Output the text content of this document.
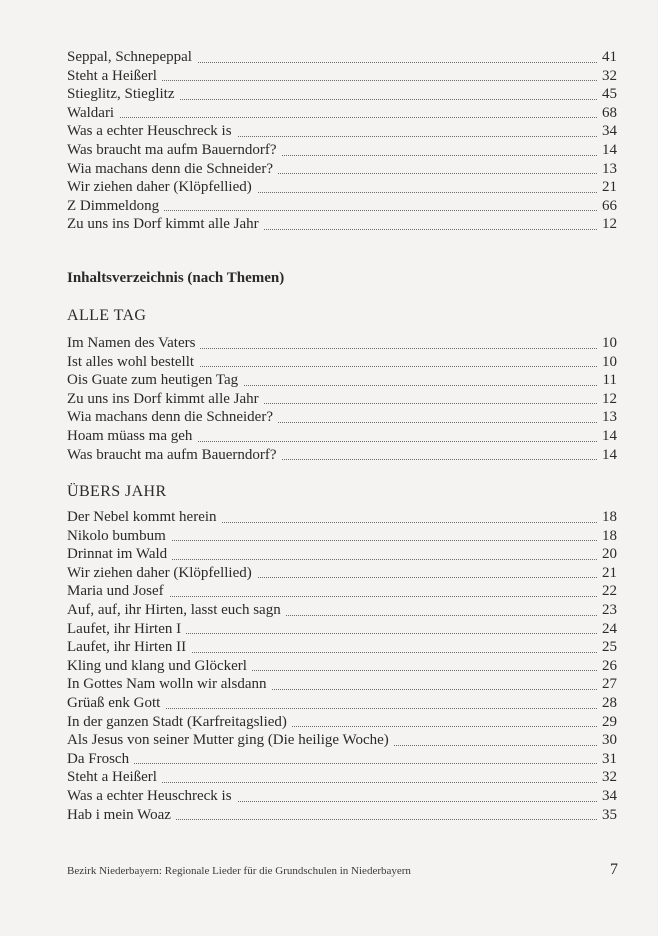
Seppal, Schnepeppal	41
Steht a Heißerl	32
Stieglitz, Stieglitz	45
Waldari	68
Was a echter Heuschreck is	34
Was braucht ma aufm Bauerndorf?	14
Wia machans denn die Schneider?	13
Wir ziehen daher (Klöpfellied)	21
Z Dimmeldong	66
Zu uns ins Dorf kimmt alle Jahr	12
Inhaltsverzeichnis (nach Themen)
ALLE TAG
Im Namen des Vaters	10
Ist alles wohl bestellt	10
Ois Guate zum heutigen Tag	11
Zu uns ins Dorf kimmt alle Jahr	12
Wia machans denn die Schneider?	13
Hoam müass ma geh	14
Was braucht ma aufm Bauerndorf?	14
ÜBERS JAHR
Der Nebel kommt herein	18
Nikolo bumbum	18
Drinnat im Wald	20
Wir ziehen daher (Klöpfellied)	21
Maria und Josef	22
Auf, auf, ihr Hirten, lasst euch sagn	23
Laufet, ihr Hirten I	24
Laufet, ihr Hirten II	25
Kling und klang und Glöckerl	26
In Gottes Nam wolln wir alsdann	27
Grüaß enk Gott	28
In der ganzen Stadt (Karfreitagslied)	29
Als Jesus von seiner Mutter ging (Die heilige Woche)	30
Da Frosch	31
Steht a Heißerl	32
Was a echter Heuschreck is	34
Hab i mein Woaz	35
Bezirk Niederbayern: Regionale Lieder für die Grundschulen in Niederbayern	7
